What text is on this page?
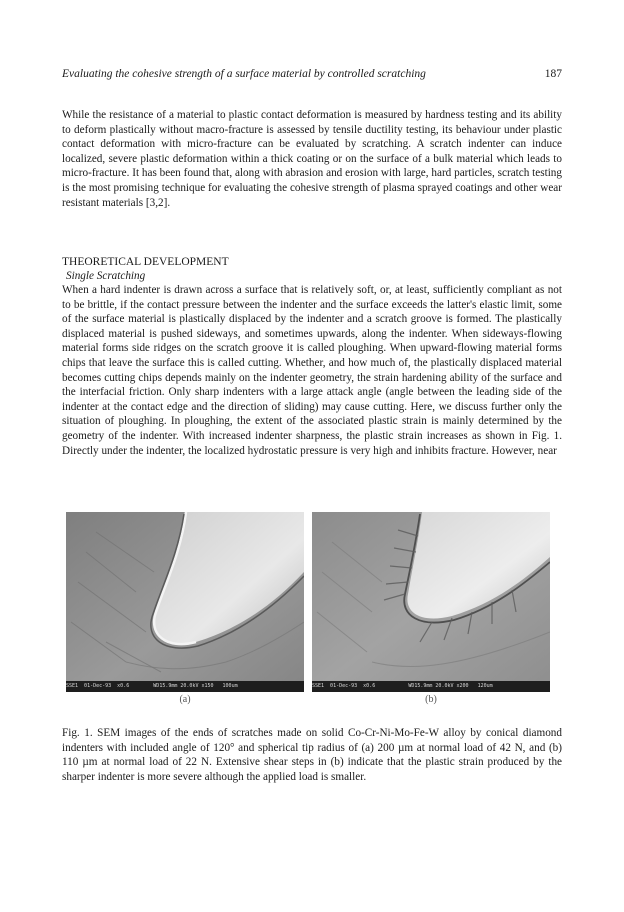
Evaluating the cohesive strength of a surface material by controlled scratching	187

While the resistance of a material to plastic contact deformation is measured by hardness testing and its ability to deform plastically without macro-fracture is assessed by tensile ductility testing, its behaviour under plastic contact deformation with micro-fracture can be evaluated by scratching. A scratch indenter can induce localized, severe plastic deformation within a thick coating or on the surface of a bulk material which leads to micro-fracture. It has been found that, along with abrasion and erosion with large, hard particles, scratch testing is the most promising technique for evaluating the cohesive strength of plasma sprayed coatings and other wear resistant materials [3,2].

THEORETICAL DEVELOPMENT
Single Scratching

When a hard indenter is drawn across a surface that is relatively soft, or, at least, sufficiently compliant as not to be brittle, if the contact pressure between the indenter and the surface exceeds the latter's elastic limit, some of the surface material is plastically displaced by the indenter and a scratch groove is formed. The plastically displaced material is pushed sideways, and sometimes upwards, along the indenter. When sideways-flowing material forms side ridges on the scratch groove it is called ploughing. When upward-flowing material forms chips that leave the surface this is called cutting. Whether, and how much of, the plastically displaced material becomes cutting chips depends mainly on the indenter geometry, the strain hardening ability of the surface and the interfacial friction. Only sharp indenters with a large attack angle (angle between the leading side of the indenter at the contact edge and the direction of sliding) may cause cutting. Here, we discuss further only the situation of ploughing. In ploughing, the extent of the associated plastic strain is mainly determined by the geometry of the indenter. With increased indenter sharpness, the plastic strain increases as shown in Fig. 1. Directly under the indenter, the localized hydrostatic pressure is very high and inhibits fracture. However, near

SSE1  01-Dec-93  x0.6        WD15.9mm 20.0kV x150   100um
(a)
SSE1  01-Dec-93  x0.6           WD15.9mm 20.0kV x200   120um
(b)

Fig. 1. SEM images of the ends of scratches made on solid Co-Cr-Ni-Mo-Fe-W alloy by conical diamond indenters with included angle of 120° and spherical tip radius of (a) 200 µm at normal load of 42 N, and (b) 110 µm at normal load of 22 N. Extensive shear steps in (b) indicate that the plastic strain produced by the sharper indenter is more severe although the applied load is smaller.
